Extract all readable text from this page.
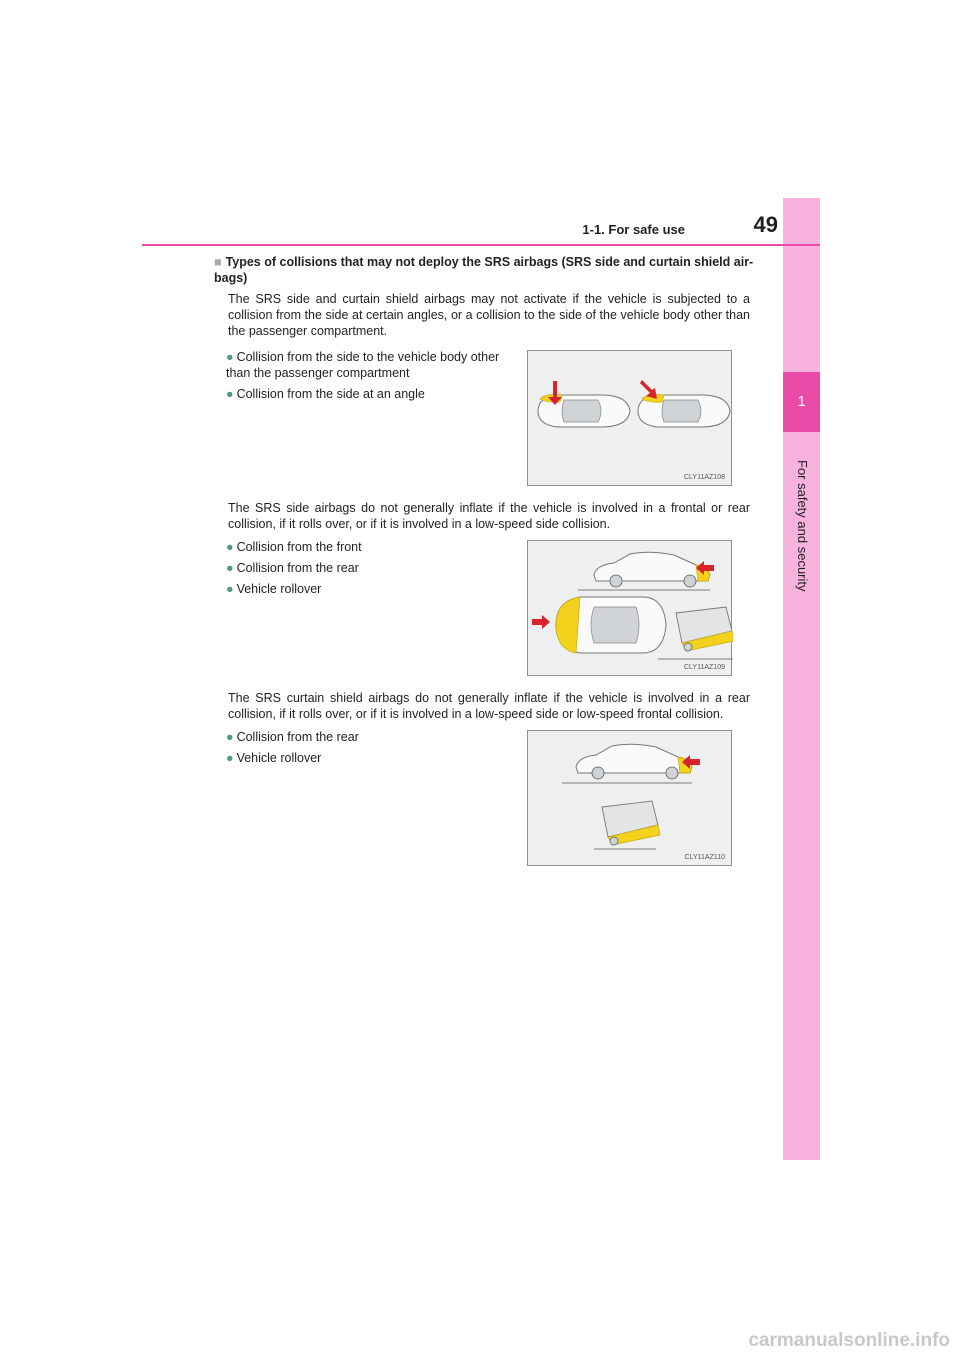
1
For safety and security
1-1. For safe use	49
■ Types of collisions that may not deploy the SRS airbags (SRS side and curtain shield air-bags)
The SRS side and curtain shield airbags may not activate if the vehicle is subjected to a collision from the side at certain angles, or a collision to the side of the vehicle body other than the passenger compartment.
● Collision from the side to the vehicle body other than the passenger compartment
● Collision from the side at an angle
CLY11AZ108
The SRS side airbags do not generally inflate if the vehicle is involved in a frontal or rear collision, if it rolls over, or if it is involved in a low-speed side collision.
● Collision from the front
● Collision from the rear
● Vehicle rollover
CLY11AZ109
The SRS curtain shield airbags do not generally inflate if the vehicle is involved in a rear collision, if it rolls over, or if it is involved in a low-speed side or low-speed frontal collision.
● Collision from the rear
● Vehicle rollover
CLY11AZ110
carmanualsonline.info
